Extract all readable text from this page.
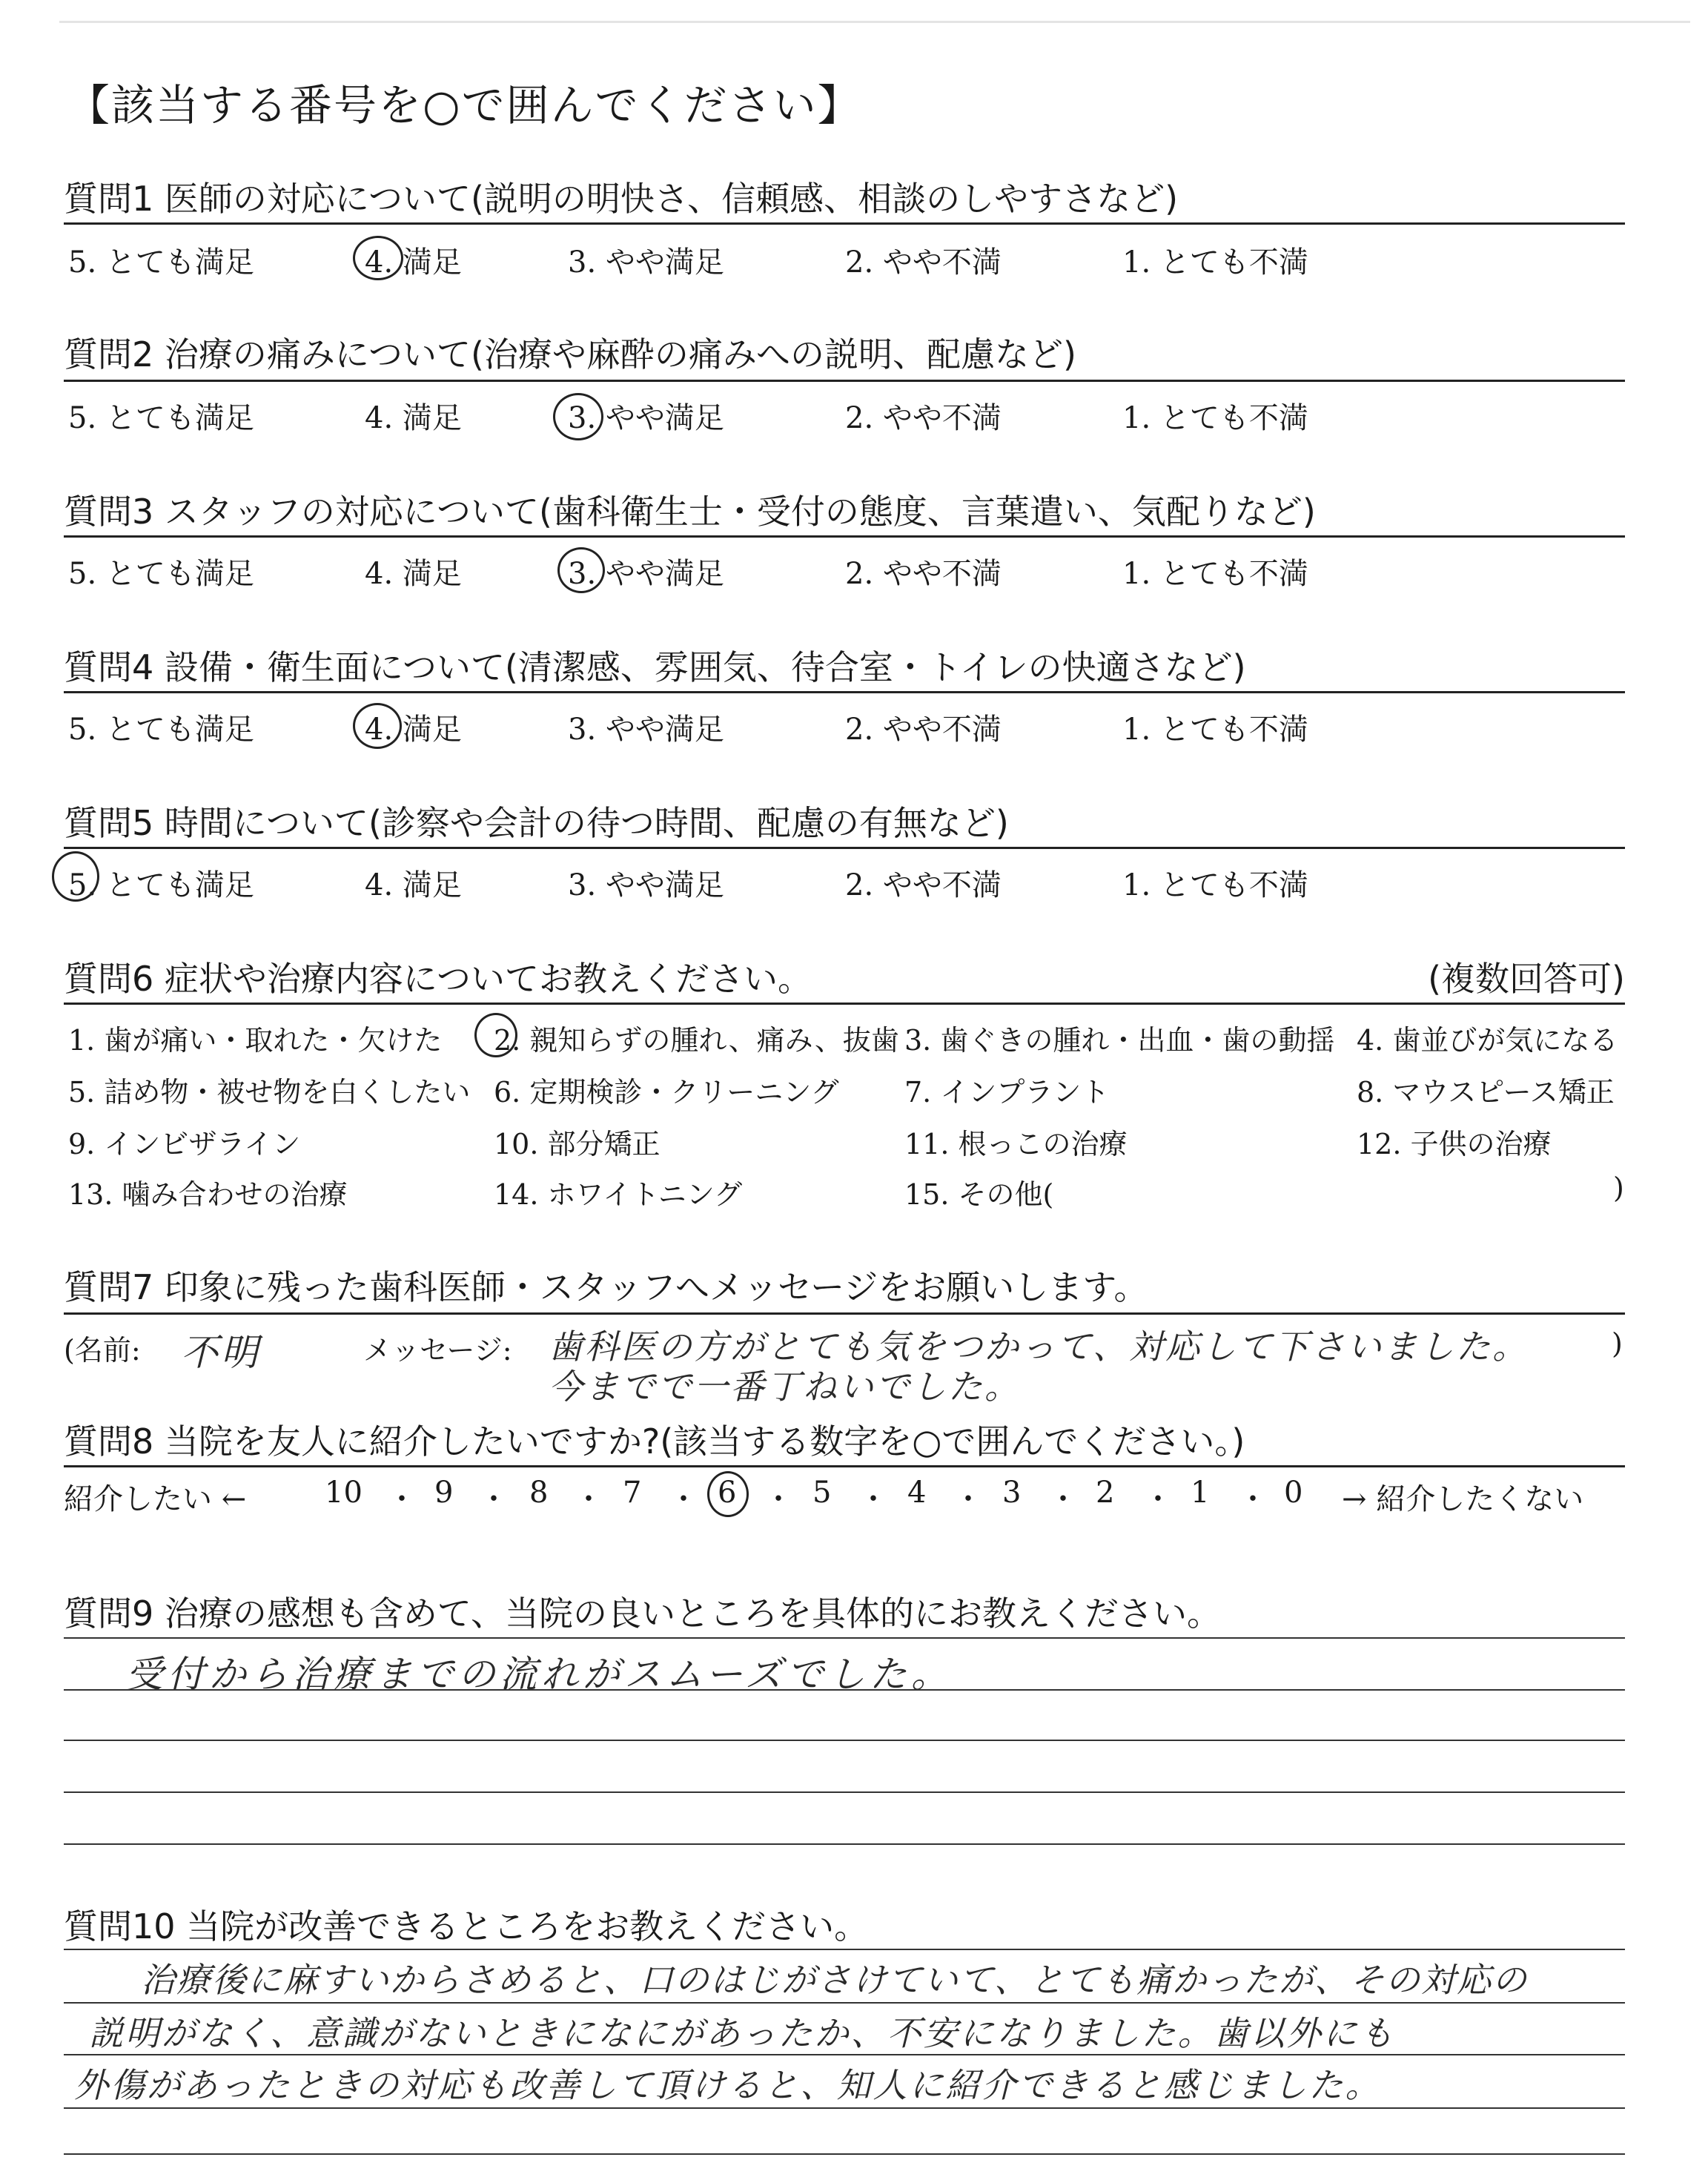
【該当する番号を○で囲んでください】
質問1 医師の対応について(説明の明快さ、信頼感、相談のしやすさなど)
5. とても満足	4. 満足	3. やや満足	2. やや不満	1. とても不満
質問2 治療の痛みについて(治療や麻酔の痛みへの説明、配慮など)
5. とても満足	4. 満足	3. やや満足	2. やや不満	1. とても不満
質問3 スタッフの対応について(歯科衛生士・受付の態度、言葉遣い、気配りなど)
5. とても満足	4. 満足	3. やや満足	2. やや不満	1. とても不満
質問4 設備・衛生面について(清潔感、雰囲気、待合室・トイレの快適さなど)
5. とても満足	4. 満足	3. やや満足	2. やや不満	1. とても不満
質問5 時間について(診察や会計の待つ時間、配慮の有無など)
5. とても満足	4. 満足	3. やや満足	2. やや不満	1. とても不満
質問6 症状や治療内容についてお教えください。	(複数回答可)
1. 歯が痛い・取れた・欠けた 2. 親知らずの腫れ、痛み、抜歯 3. 歯ぐきの腫れ・出血・歯の動揺 4. 歯並びが気になる
5. 詰め物・被せ物を白くしたい 6. 定期検診・クリーニング 7. インプラント	8. マウスピース矯正
9. インビザライン	10. 部分矯正	11. 根っこの治療	12. 子供の治療
13. 噛み合わせの治療	14. ホワイトニング	15. その他(	)
質問7 印象に残った歯科医師・スタッフへメッセージをお願いします。
(名前: 不明	メッセージ: 歯科医の方がとても気をつかって、対応して下さいました。
今までで一番丁ねいでした。
)
質問8 当院を友人に紹介したいですか?(該当する数字を○で囲んでください。)
紹介したい ←	10 ・ 9 ・ 8 ・ 7 ・ 6 ・ 5 ・ 4 ・ 3 ・ 2 ・ 1 ・ 0 → 紹介したくない
質問9 治療の感想も含めて、当院の良いところを具体的にお教えください。
受付から治療までの流れがスムーズでした。
質問10 当院が改善できるところをお教えください。
治療後に麻すいからさめると、口のはじがさけていて、とても痛かったが、その対応の
説明がなく、意識がないときになにがあったか、不安になりました。歯以外にも
外傷があったときの対応も改善して頂けると、知人に紹介できると感じました。
